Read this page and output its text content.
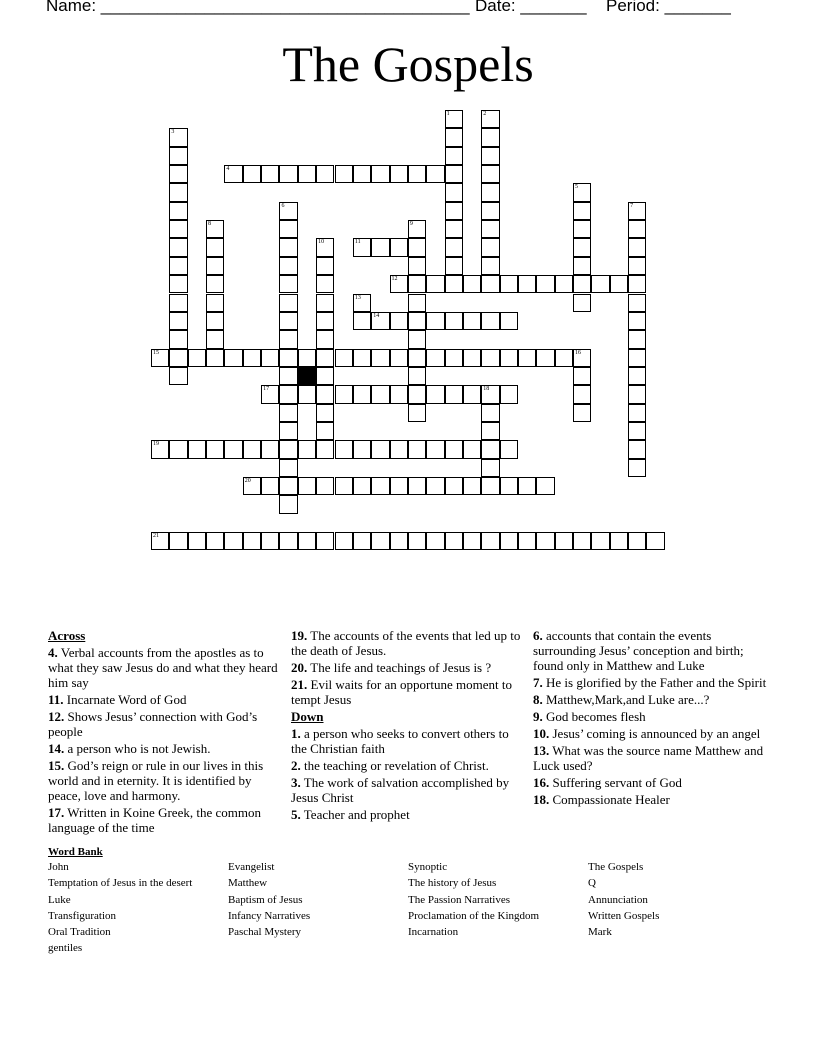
Name: _______________________________________ Date: _______ Period: _______
The Gospels
1	2
3
4
5
6	7
8	9
10	11
12
13
14
15	16
17	18
19
20
21
Across
4. Verbal accounts from the apostles as to what they saw Jesus do and what they heard him say
11. Incarnate Word of God
12. Shows Jesus’ connection with God’s people
14. a person who is not Jewish.
15. God’s reign or rule in our lives in this world and in eternity. It is identified by peace, love and harmony.
17. Written in Koine Greek, the common language of the time
19. The accounts of the events that led up to the death of Jesus.
20. The life and teachings of Jesus is ?
21. Evil waits for an opportune moment to tempt Jesus
Down
1. a person who seeks to convert others to the Christian faith
2. the teaching or revelation of Christ.
3. The work of salvation accomplished by Jesus Christ
5. Teacher and prophet
6. accounts that contain the events surrounding Jesus’ conception and birth; found only in Matthew and Luke
7. He is glorified by the Father and the Spirit
8. Matthew,Mark,and Luke are...?
9. God becomes flesh
10. Jesus’ coming is announced by an angel
13. What was the source name Matthew and Luck used?
16. Suffering servant of God
18. Compassionate Healer
Word Bank
John
Temptation of Jesus in the desert
Luke
Transfiguration
Oral Tradition
gentiles
Evangelist
Matthew
Baptism of Jesus
Infancy Narratives
Paschal Mystery
Synoptic
The history of Jesus
The Passion Narratives
Proclamation of the Kingdom
Incarnation
The Gospels
Q
Annunciation
Written Gospels
Mark
